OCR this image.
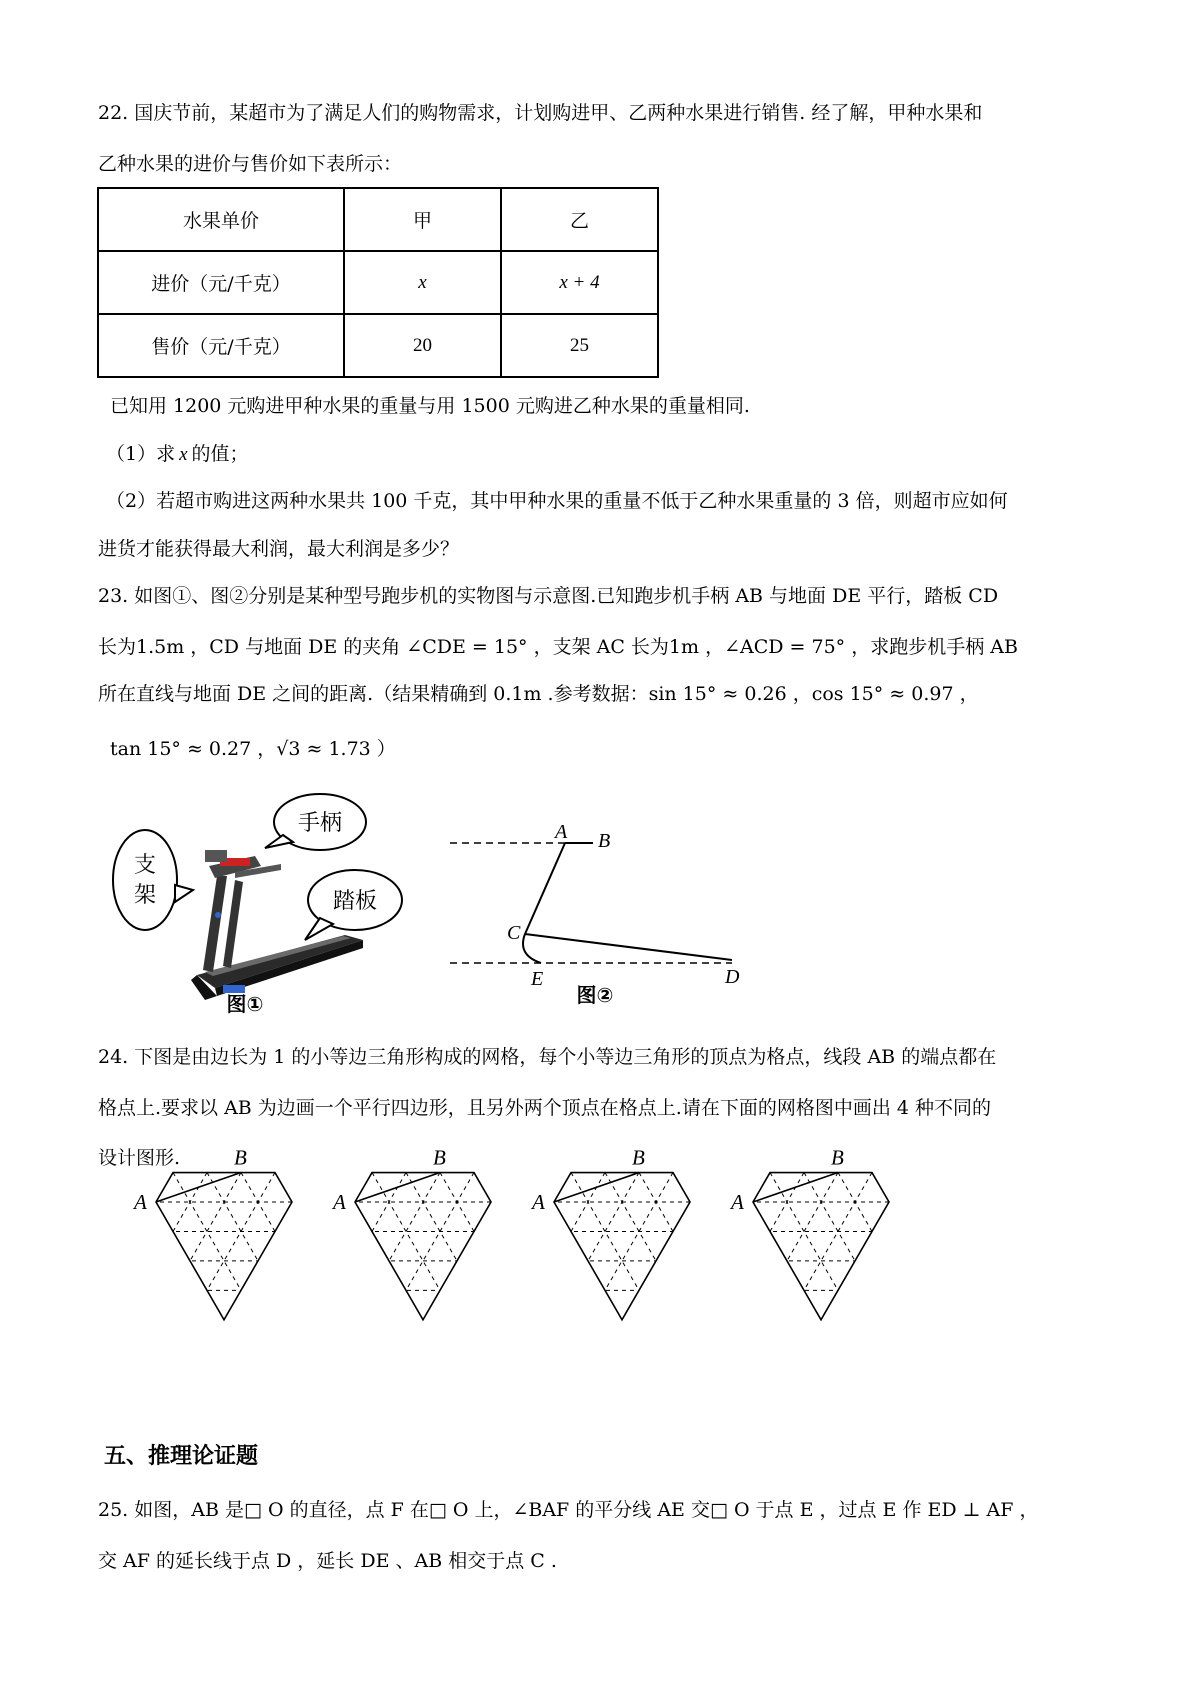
22. 国庆节前，某超市为了满足人们的购物需求，计划购进甲、乙两种水果进行销售. 经了解，甲种水果和
乙种水果的进价与售价如下表所示：
水果单价	甲	乙
进价（元/千克）	x	x + 4
售价（元/千克）	20	25
已知用 1200 元购进甲种水果的重量与用 1500 元购进乙种水果的重量相同.
（1）求 x 的值；
（2）若超市购进这两种水果共 100 千克，其中甲种水果的重量不低于乙种水果重量的 3 倍，则超市应如何
进货才能获得最大利润，最大利润是多少？
23. 如图①、图②分别是某种型号跑步机的实物图与示意图.已知跑步机手柄 AB 与地面 DE 平行，踏板 CD
长为1.5m ，CD 与地面 DE 的夹角 ∠CDE = 15° ，支架 AC 长为1m ，∠ACD = 75° ，求跑步机手柄 AB
所在直线与地面 DE 之间的距离.（结果精确到 0.1m .参考数据：sin 15° ≈ 0.26 ，cos 15° ≈ 0.97 ，
tan 15° ≈ 0.27 ，√3 ≈ 1.73 ）
支
架
手柄
踏板
图①
A B
C
E	D
图②
24. 下图是由边长为 1 的小等边三角形构成的网格，每个小等边三角形的顶点为格点，线段 AB 的端点都在
格点上.要求以 AB 为边画一个平行四边形，且另外两个顶点在格点上.请在下面的网格图中画出 4 种不同的
设计图形.
A
B
A
B
A
B
A
B
五、推理论证题
25. 如图，AB 是□ O 的直径，点 F 在□ O 上，∠BAF 的平分线 AE 交□ O 于点 E ，过点 E 作 ED ⊥ AF ，
交 AF 的延长线于点 D ，延长 DE 、AB 相交于点 C .
